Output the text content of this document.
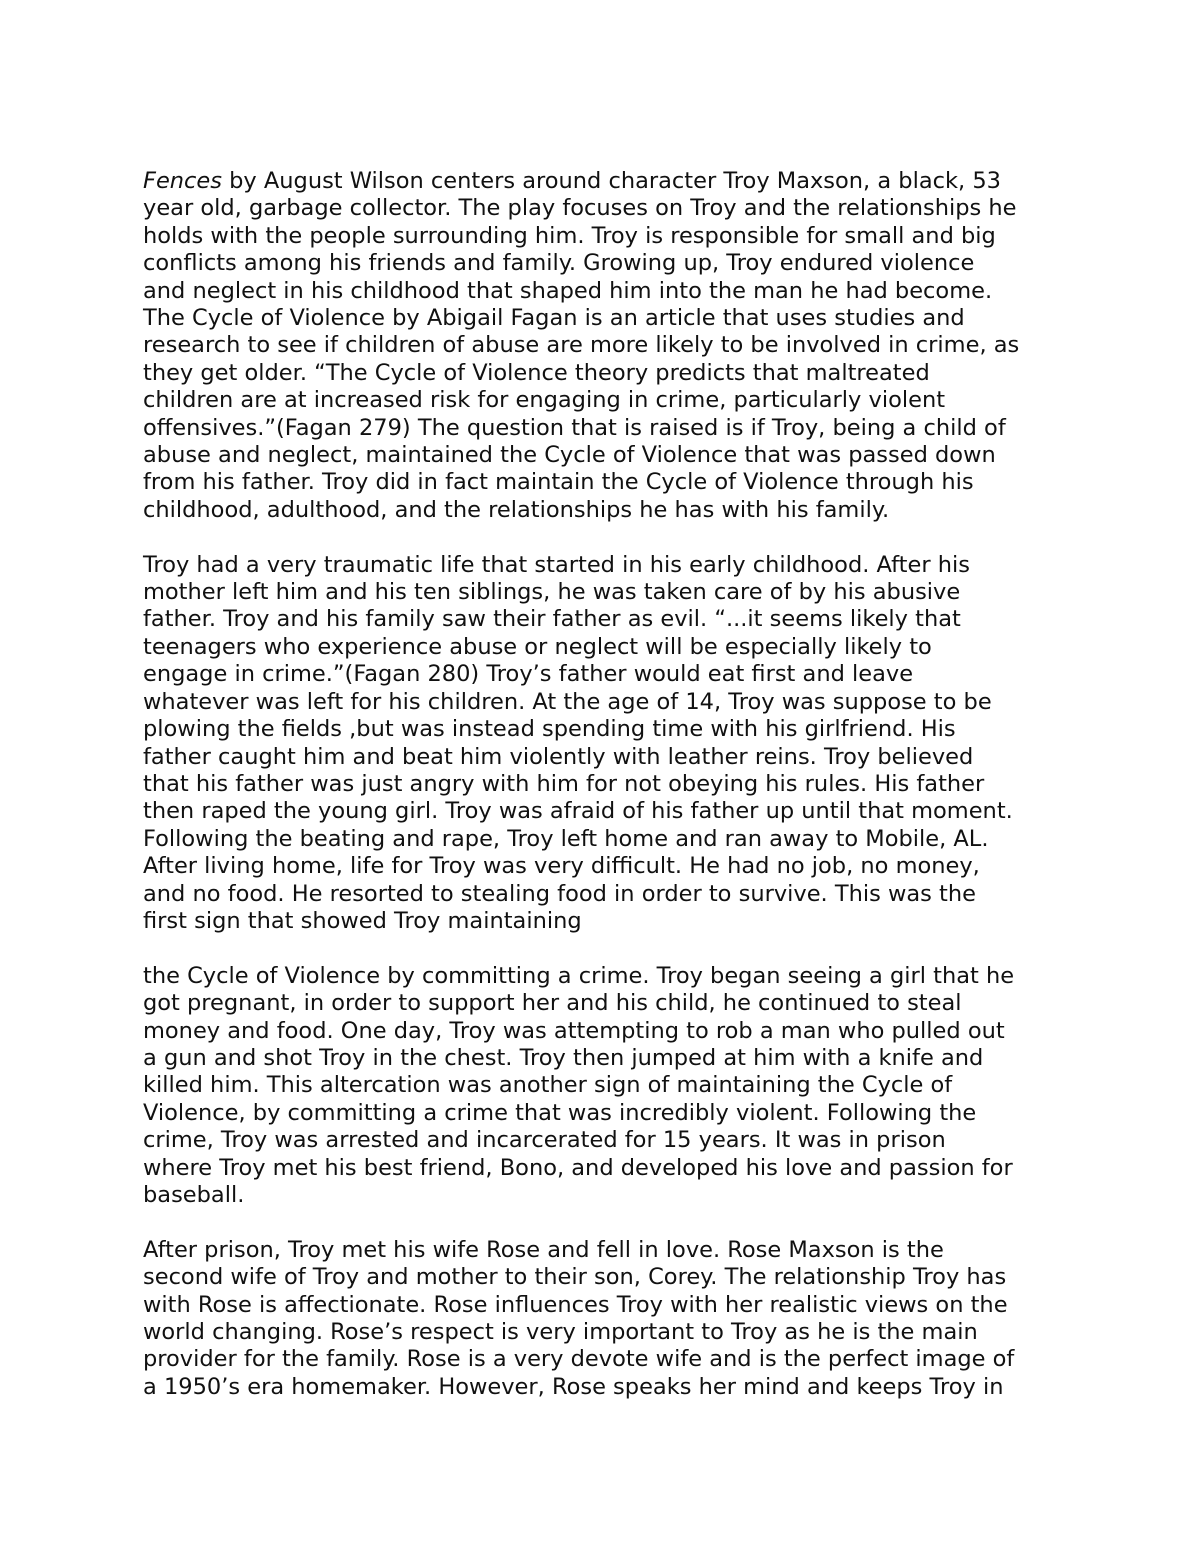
Fences by August Wilson centers around character Troy Maxson, a black, 53
year old, garbage collector. The play focuses on Troy and the relationships he
holds with the people surrounding him. Troy is responsible for small and big
conflicts among his friends and family. Growing up, Troy endured violence
and neglect in his childhood that shaped him into the man he had become.
The Cycle of Violence by Abigail Fagan is an article that uses studies and
research to see if children of abuse are more likely to be involved in crime, as
they get older. “The Cycle of Violence theory predicts that maltreated
children are at increased risk for engaging in crime, particularly violent
offensives.”(Fagan 279) The question that is raised is if Troy, being a child of
abuse and neglect, maintained the Cycle of Violence that was passed down
from his father. Troy did in fact maintain the Cycle of Violence through his
childhood, adulthood, and the relationships he has with his family.
Troy had a very traumatic life that started in his early childhood. After his
mother left him and his ten siblings, he was taken care of by his abusive
father. Troy and his family saw their father as evil. “...it seems likely that
teenagers who experience abuse or neglect will be especially likely to
engage in crime.”(Fagan 280) Troy’s father would eat first and leave
whatever was left for his children. At the age of 14, Troy was suppose to be
plowing the fields ,but was instead spending time with his girlfriend. His
father caught him and beat him violently with leather reins. Troy believed
that his father was just angry with him for not obeying his rules. His father
then raped the young girl. Troy was afraid of his father up until that moment.
Following the beating and rape, Troy left home and ran away to Mobile, AL.
After living home, life for Troy was very difficult. He had no job, no money,
and no food. He resorted to stealing food in order to survive. This was the
first sign that showed Troy maintaining
the Cycle of Violence by committing a crime. Troy began seeing a girl that he
got pregnant, in order to support her and his child, he continued to steal
money and food. One day, Troy was attempting to rob a man who pulled out
a gun and shot Troy in the chest. Troy then jumped at him with a knife and
killed him. This altercation was another sign of maintaining the Cycle of
Violence, by committing a crime that was incredibly violent. Following the
crime, Troy was arrested and incarcerated for 15 years. It was in prison
where Troy met his best friend, Bono, and developed his love and passion for
baseball.
After prison, Troy met his wife Rose and fell in love. Rose Maxson is the
second wife of Troy and mother to their son, Corey. The relationship Troy has
with Rose is affectionate. Rose influences Troy with her realistic views on the
world changing. Rose’s respect is very important to Troy as he is the main
provider for the family. Rose is a very devote wife and is the perfect image of
a 1950’s era homemaker. However, Rose speaks her mind and keeps Troy in
